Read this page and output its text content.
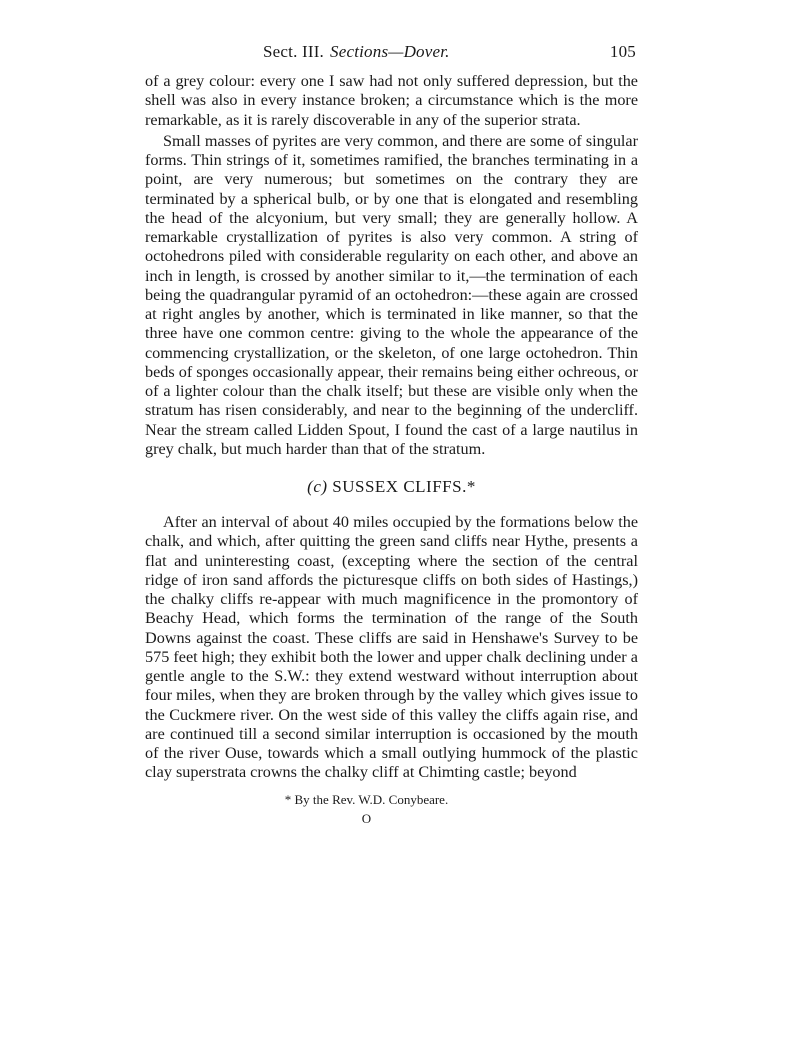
Sect. III. Sections—Dover.	105

of a grey colour: every one I saw had not only suffered depression, but the shell was also in every instance broken; a circumstance which is the more remarkable, as it is rarely discoverable in any of the superior strata.

Small masses of pyrites are very common, and there are some of singular forms. Thin strings of it, sometimes ramified, the branches terminating in a point, are very numerous; but sometimes on the contrary they are terminated by a spherical bulb, or by one that is elongated and resembling the head of the alcyonium, but very small; they are generally hollow. A remarkable crystallization of pyrites is also very common. A string of octohedrons piled with considerable regularity on each other, and above an inch in length, is crossed by another similar to it,—the termination of each being the quadrangular pyramid of an octohedron:—these again are crossed at right angles by another, which is terminated in like manner, so that the three have one common centre: giving to the whole the appearance of the commencing crystallization, or the skeleton, of one large octohedron. Thin beds of sponges occasionally appear, their remains being either ochreous, or of a lighter colour than the chalk itself; but these are visible only when the stratum has risen considerably, and near to the beginning of the undercliff. Near the stream called Lidden Spout, I found the cast of a large nautilus in grey chalk, but much harder than that of the stratum.

(c) SUSSEX CLIFFS.*

After an interval of about 40 miles occupied by the formations below the chalk, and which, after quitting the green sand cliffs near Hythe, presents a flat and uninteresting coast, (excepting where the section of the central ridge of iron sand affords the picturesque cliffs on both sides of Hastings,) the chalky cliffs re-appear with much magnificence in the promontory of Beachy Head, which forms the termination of the range of the South Downs against the coast. These cliffs are said in Henshawe's Survey to be 575 feet high; they exhibit both the lower and upper chalk declining under a gentle angle to the S.W.: they extend westward without interruption about four miles, when they are broken through by the valley which gives issue to the Cuckmere river. On the west side of this valley the cliffs again rise, and are continued till a second similar interruption is occasioned by the mouth of the river Ouse, towards which a small outlying hummock of the plastic clay superstrata crowns the chalky cliff at Chimting castle; beyond

* By the Rev. W.D. Conybeare.
O
